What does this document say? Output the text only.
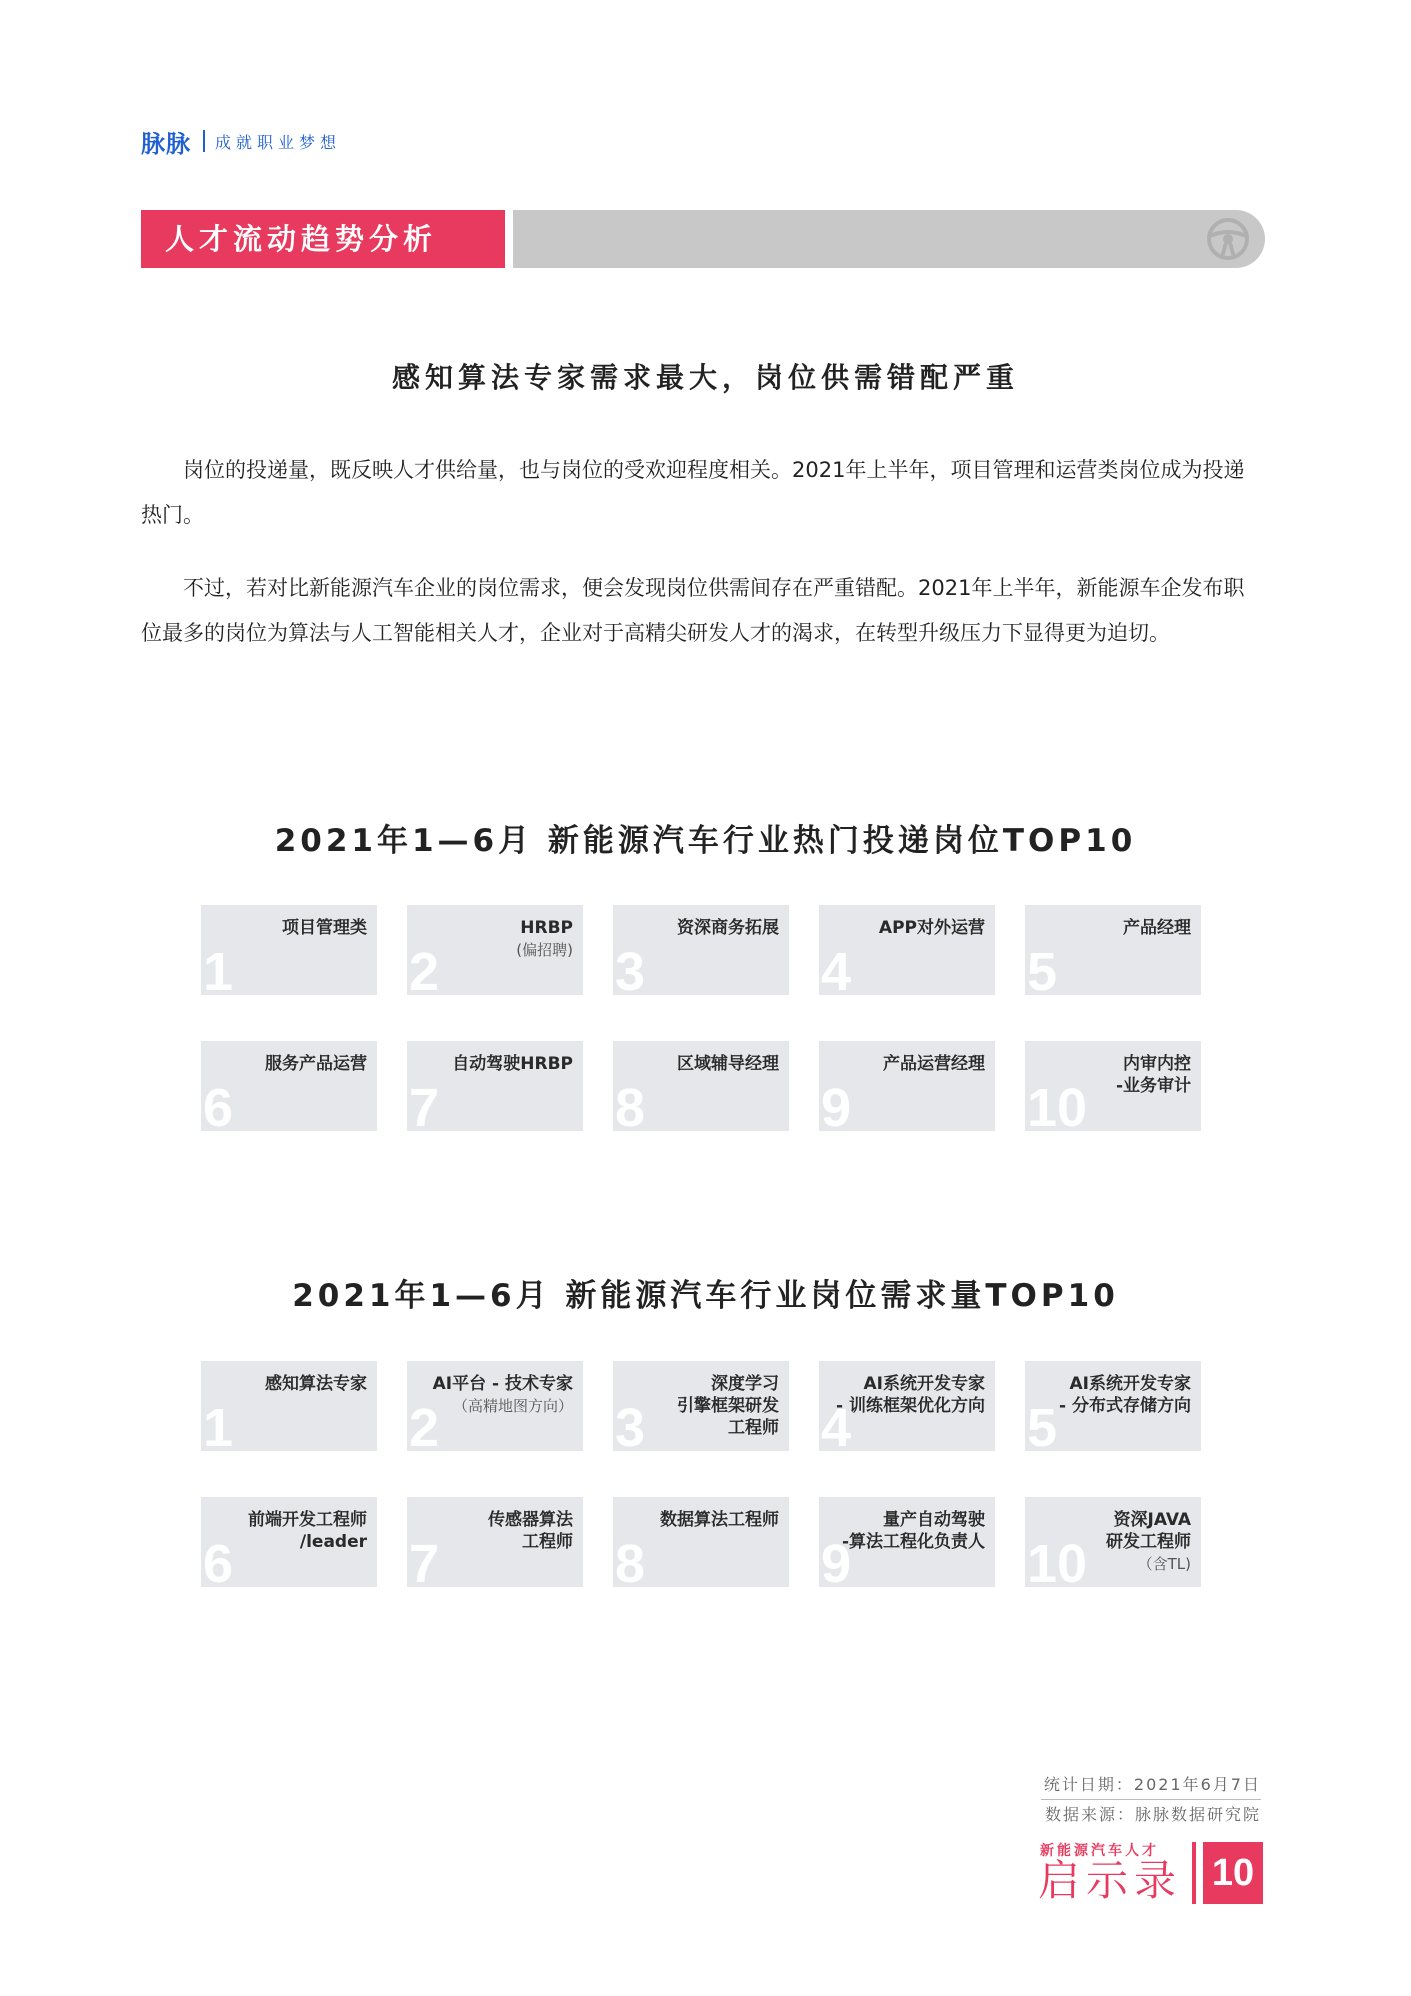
脉脉 成就职业梦想
人才流动趋势分析
感知算法专家需求最大，岗位供需错配严重

岗位的投递量，既反映人才供给量，也与岗位的受欢迎程度相关。2021年上半年，项目管理和运营类岗位成为投递热门。

不过，若对比新能源汽车企业的岗位需求，便会发现岗位供需间存在严重错配。2021年上半年，新能源车企发布职位最多的岗位为算法与人工智能相关人才，企业对于高精尖研发人才的渴求，在转型升级压力下显得更为迫切。

2021年1—6月 新能源汽车行业热门投递岗位TOP10
1
项目管理类
2
HRBP
(偏招聘) 3
资深商务拓展
4
APP对外运营
5
产品经理
6
服务产品运营
7
自动驾驶HRBP
8
区域辅导经理
9
产品运营经理
10
内审内控
-业务审计
2021年1—6月 新能源汽车行业岗位需求量TOP10
1
感知算法专家
2
AI平台 - 技术专家
（高精地图方向） 3
深度学习
引擎框架研发
工程师 4
AI系统开发专家
- 训练框架优化方向 5
AI系统开发专家
- 分布式存储方向
6
前端开发工程师
/leader 7
传感器算法
工程师 8
数据算法工程师
9
量产自动驾驶
-算法工程化负责人 10
资深JAVA
研发工程师
（含TL)
统计日期：2021年6月7日
数据来源：脉脉数据研究院
新能源汽车人才
启示录 10
